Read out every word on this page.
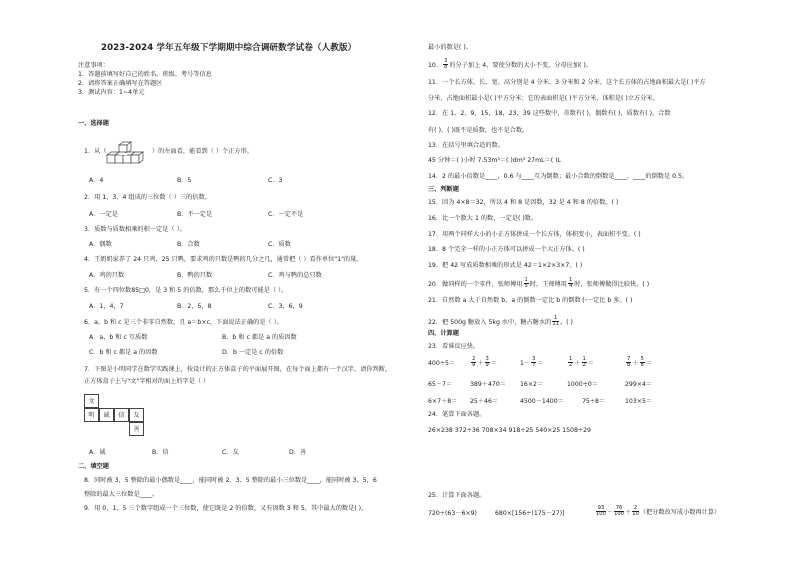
2023-2024 学年五年级下学期期中综合调研数学试卷（人教版）
注意事项：
1．答题前填写好自己的姓名、班级、考号等信息
2．请将答案正确填写在答题区
3．测试内容：1~4单元
一、选择题
1．从（	）的左面看，能看到（ ）个正方形。
A．4	B．5	C．3
2．用 1、3、4 组成的三位数（ ）三的倍数。
A．一定是	B．不一定是	C．一定不是
3．质数与质数相乘的积一定是（ ）。
A．偶数	B．合数	C．质数
4．王奶奶家养了 24 只鸡，25 只鸭，要求鸡的只数是鸭的几分之几，通常把（ ）看作单位"1"的量。
A．鸡的只数	B．鸭的只数	C．鸡与鸭的总只数
5．有一个四位数85□0，是 3 和 5 的倍数，那么千位上的数可能是（ ）。
A．1，4，7	B．2，5，8	C．3，6，9
6．a，b 和 c 是三个非零自然数，且 a＝b×c，下面说法正确的是（ ）。
A．a，b 和 c 互质数	B．b 和 c 都是 a 的质因数
C．b 和 c 都是 a 的因数	D．b 一定是 c 的倍数
7．下图是小明同学在数学实践课上，按设计的正方体盒子的平面展开图，在每个面上都有一个汉字，请你判断，
正方体盒子上与"文"字相对的面上的字是（ ）
文
明	诚	信	友
善
A．诚	B．信	C．友	D．善
二、填空题
8．同时被 3，5 整除的最小偶数是____，能同时被 2、3、5 整除的最小三位数是____，能同时被 3，5，6
整除的最大三位数是____。
9．用 0、1、5 三个数字组成一个三位数，使它既是 2 的倍数，又有因数 3 和 5，其中最大的数是( )，
最小的数是( )。
10． $\frac{3}{8}$ 的分子加上 4，要使分数的大小不变，分母应加( )。
11．一个长方体，长、宽、高分别是 4 分米、3 分米和 2 分米，这个长方体的占地面积最大是( )平方
分米，占地面积最小是( )平方分米；它的表面积是( )平方分米，体积是( )立方分米。
12．在 1，2，9，15，18，23，39 这些数中，奇数有( )，偶数有( )，质数有( )，合数
有( )，( )既不是质数，也不是合数。
13．在括号里填合适的数。
45 分钟＝( )小时 7.53m³＝( )dm³ 27mL＝( )L
14．2 的最小倍数是____，0.6 与____互为倒数；最小合数的倒数是____，____的倒数是 0.5。
三、判断题
15．因为 4×8＝32，所以 4 和 8 是因数，32 是 4 和 8 的倍数。( )
16．比一个数大 1 的数，一定是( )数。
17．用两个同样大小的小正方体拼成一个长方体，体积变小，表面积不变。( )
18．8 个完全一样的小正方体可以拼成一个大正方体。( )
19．把 42 写成质数相乘的形式是 42＝1×2×3×7。( )
20．做同样的一个零件，张师傅用 $\frac{1}{5}$ 时，王师傅用 $\frac{1}{4}$ 时，张师傅做得比较快。( )
21．自然数 a 大于自然数 b，a 的倒数一定比 b 的倒数小一定比 b 多。( )
22．把 500g 糖放入 5kg 水中，糖占糖水的 $\frac{1}{11}$ 。( )
四、计算题
23．看谁反应快。
400÷5＝	$\frac{2}{9} + \frac{3}{9}$ ＝	$1- \frac{3}{7}$ ＝	$\frac{1}{2} + \frac{1}{2}$ ＝	$\frac{7}{8} + \frac{5}{8}$ ＝
65－7＝	389＋470＝ 16×2＝	1000÷0＝	299×4＝
6×7＋8＝ 25＋46＝	4500－1400＝	75÷8＝	103×5＝
24．笔算下面各题。
26×238 372÷36 708×34 918÷25 540×25 1508÷29
25．计算下面各题。
720÷(63－6×9)	680×[156÷(175－27)]	$\frac{93}{100} - \frac{76}{100} + \frac{2}{10}$ （把分数改写成小数再计算）
